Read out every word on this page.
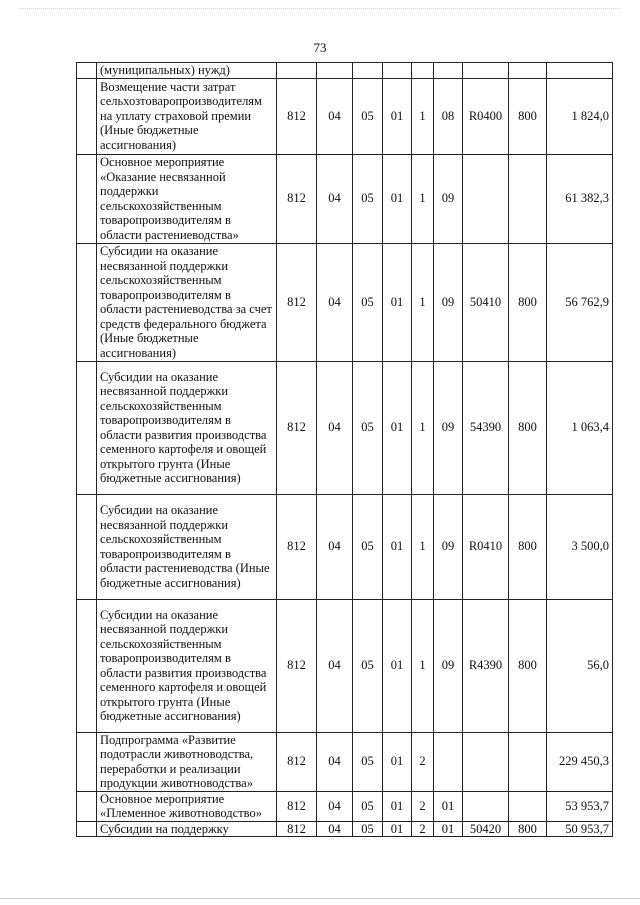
73
	(муниципальных) нужд)									
	Возмещение части затрат сельхозтоваропроизводителям на уплату страховой премии (Иные бюджетные ассигнования)	812	04	05	01	1	08	R0400	800	1 824,0
	Основное мероприятие «Оказание несвязанной поддержки сельскохозяйственным товаропроизводителям в области растениеводства»	812	04	05	01	1	09			61 382,3
	Субсидии на оказание несвязанной поддержки сельскохозяйственным товаропроизводителям в области растениеводства за счет средств федерального бюджета (Иные бюджетные ассигнования)	812	04	05	01	1	09	50410	800	56 762,9
	Субсидии на оказание несвязанной поддержки сельскохозяйственным товаропроизводителям в области развития производства семенного картофеля и овощей открытого грунта (Иные бюджетные ассигнования)	812	04	05	01	1	09	54390	800	1 063,4
	Субсидии на оказание несвязанной поддержки сельскохозяйственным товаропроизводителям в области растениеводства (Иные бюджетные ассигнования)	812	04	05	01	1	09	R0410	800	3 500,0
	Субсидии на оказание несвязанной поддержки сельскохозяйственным товаропроизводителям в области развития производства семенного картофеля и овощей открытого грунта (Иные бюджетные ассигнования)	812	04	05	01	1	09	R4390	800	56,0
	Подпрограмма «Развитие подотрасли животноводства, переработки и реализации продукции животноводства»	812	04	05	01	2				229 450,3
	Основное мероприятие «Племенное животноводство»	812	04	05	01	2	01			53 953,7
	Субсидии на поддержку	812	04	05	01	2	01	50420	800	50 953,7
